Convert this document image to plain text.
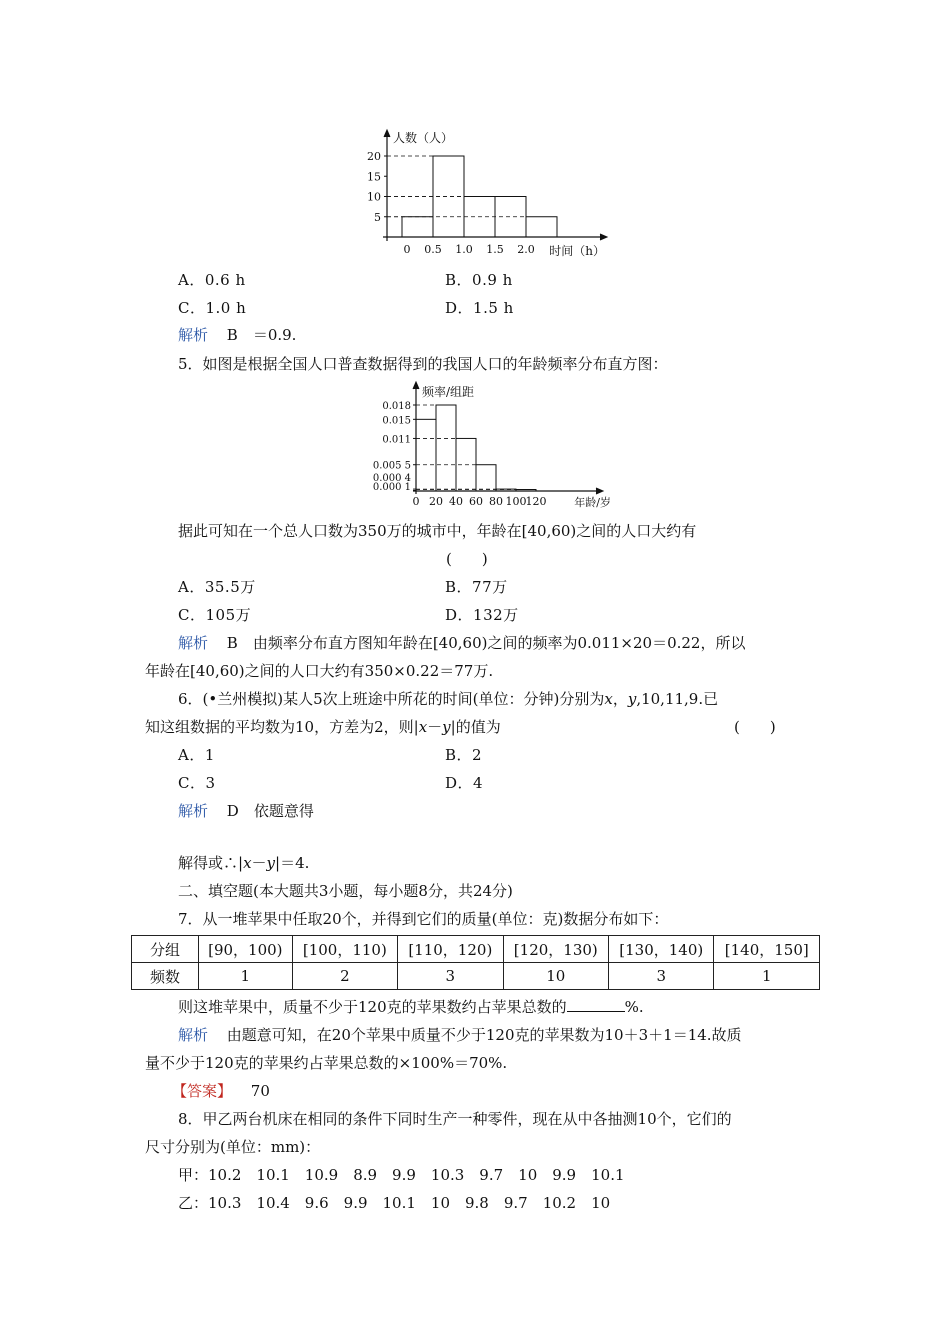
5
10
15
20
0 0.5 1.0 1.5 2.0
人数（人）
时间（h）
A．0.6 h	B．0.9 h
C．1.0 h	D．1.5 h
解析 B　＝0.9.
5．如图是根据全国人口普查数据得到的我国人口的年龄频率分布直方图：
0.000 1
0.000 4
0.005 5
0.011
0.015
0.018
0 20 40 60 80 100 120
频率/组距
年龄/岁
据此可知在一个总人口数为350万的城市中，年龄在[40,60)之间的人口大约有
(　　)
A．35.5万	B．77万
C．105万	D．132万
解析 B　由频率分布直方图知年龄在[40,60)之间的频率为0.011×20＝0.22，所以
年龄在[40,60)之间的人口大约有350×0.22＝77万.
6．(•兰州模拟)某人5次上班途中所花的时间(单位：分钟)分别为x，y,10,11,9.已
知这组数据的平均数为10，方差为2，则|x－y|的值为	(　　)
A．1	B．2
C．3	D．4
解析 D　依题意得
解得或∴|x－y|＝4.
二、填空题(本大题共3小题，每小题8分，共24分)
7．从一堆苹果中任取20个，并得到它们的质量(单位：克)数据分布如下：
分组	[90，100)	[100，110)	[110，120)	[120，130)	[130，140)	[140，150]
频数	1	2	3	10	3	1
则这堆苹果中，质量不少于120克的苹果数约占苹果总数的	%.
解析 由题意可知，在20个苹果中质量不少于120克的苹果数为10＋3＋1＝14.故质
量不少于120克的苹果约占苹果总数的×100%＝70%.
【答案】 70
8．甲乙两台机床在相同的条件下同时生产一种零件，现在从中各抽测10个，它们的
尺寸分别为(单位：mm)：
甲：10.2　10.1　10.9　8.9　9.9　10.3　9.7　10　9.9　10.1
乙：10.3　10.4　9.6　9.9　10.1　10　9.8　9.7　10.2　10
